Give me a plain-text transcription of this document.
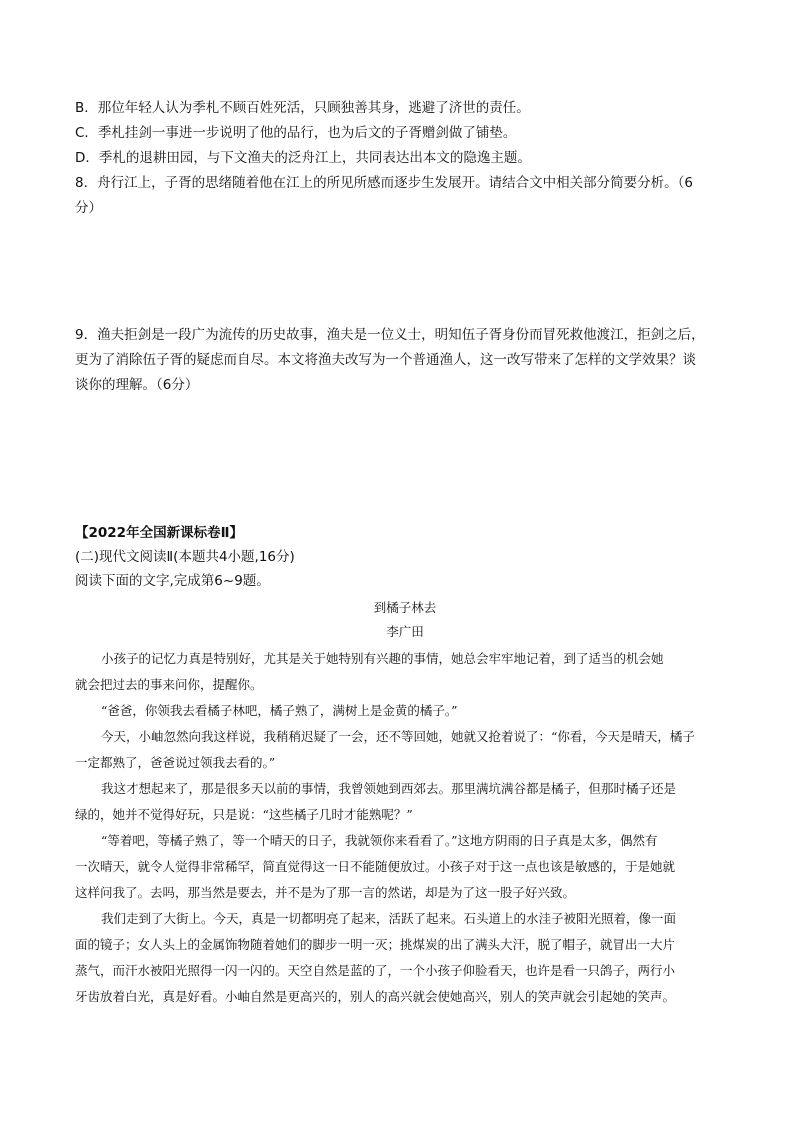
B．那位年轻人认为季札不顾百姓死活，只顾独善其身，逃避了济世的责任。
C．季札挂剑一事进一步说明了他的品行，也为后文的子胥赠剑做了铺垫。
D．季札的退耕田园，与下文渔夫的泛舟江上，共同表达出本文的隐逸主题。
8．舟行江上，子胥的思绪随着他在江上的所见所感而逐步生发展开。请结合文中相关部分简要分析。（6
分）
9．渔夫拒剑是一段广为流传的历史故事，渔夫是一位义士，明知伍子胥身份而冒死救他渡江，拒剑之后，
更为了消除伍子胥的疑虑而自尽。本文将渔夫改写为一个普通渔人，这一改写带来了怎样的文学效果？谈
谈你的理解。（6分）
【2022年全国新课标卷Ⅱ】
(二)现代文阅读Ⅱ(本题共4小题,16分)
阅读下面的文字,完成第6~9题。
到橘子林去
李广田
小孩子的记忆力真是特别好，尤其是关于她特别有兴趣的事情，她总会牢牢地记着，到了适当的机会她
就会把过去的事来问你，提醒你。
“爸爸，你领我去看橘子林吧，橘子熟了，满树上是金黄的橘子。”
今天，小岫忽然向我这样说，我稍稍迟疑了一会，还不等回她，她就又抢着说了：“你看，今天是晴天，橘子
一定都熟了，爸爸说过领我去看的。”
我这才想起来了，那是很多天以前的事情，我曾领她到西郊去。那里满坑满谷都是橘子，但那时橘子还是
绿的，她并不觉得好玩，只是说：“这些橘子几时才能熟呢？”
“等着吧，等橘子熟了，等一个晴天的日子，我就领你来看看了。”这地方阴雨的日子真是太多，偶然有
一次晴天，就令人觉得非常稀罕，简直觉得这一日不能随便放过。小孩子对于这一点也该是敏感的，于是她就
这样问我了。去吗，那当然是要去，并不是为了那一言的然诺，却是为了这一股子好兴致。
我们走到了大街上。今天，真是一切都明亮了起来，活跃了起来。石头道上的水洼子被阳光照着，像一面
面的镜子；女人头上的金属饰物随着她们的脚步一明一灭；挑煤炭的出了满头大汗，脱了帽子，就冒出一大片
蒸气，而汗水被阳光照得一闪一闪的。天空自然是蓝的了，一个小孩子仰脸看天，也许是看一只鸽子，两行小
牙齿放着白光，真是好看。小岫自然是更高兴的，别人的高兴就会使她高兴，别人的笑声就会引起她的笑声。
